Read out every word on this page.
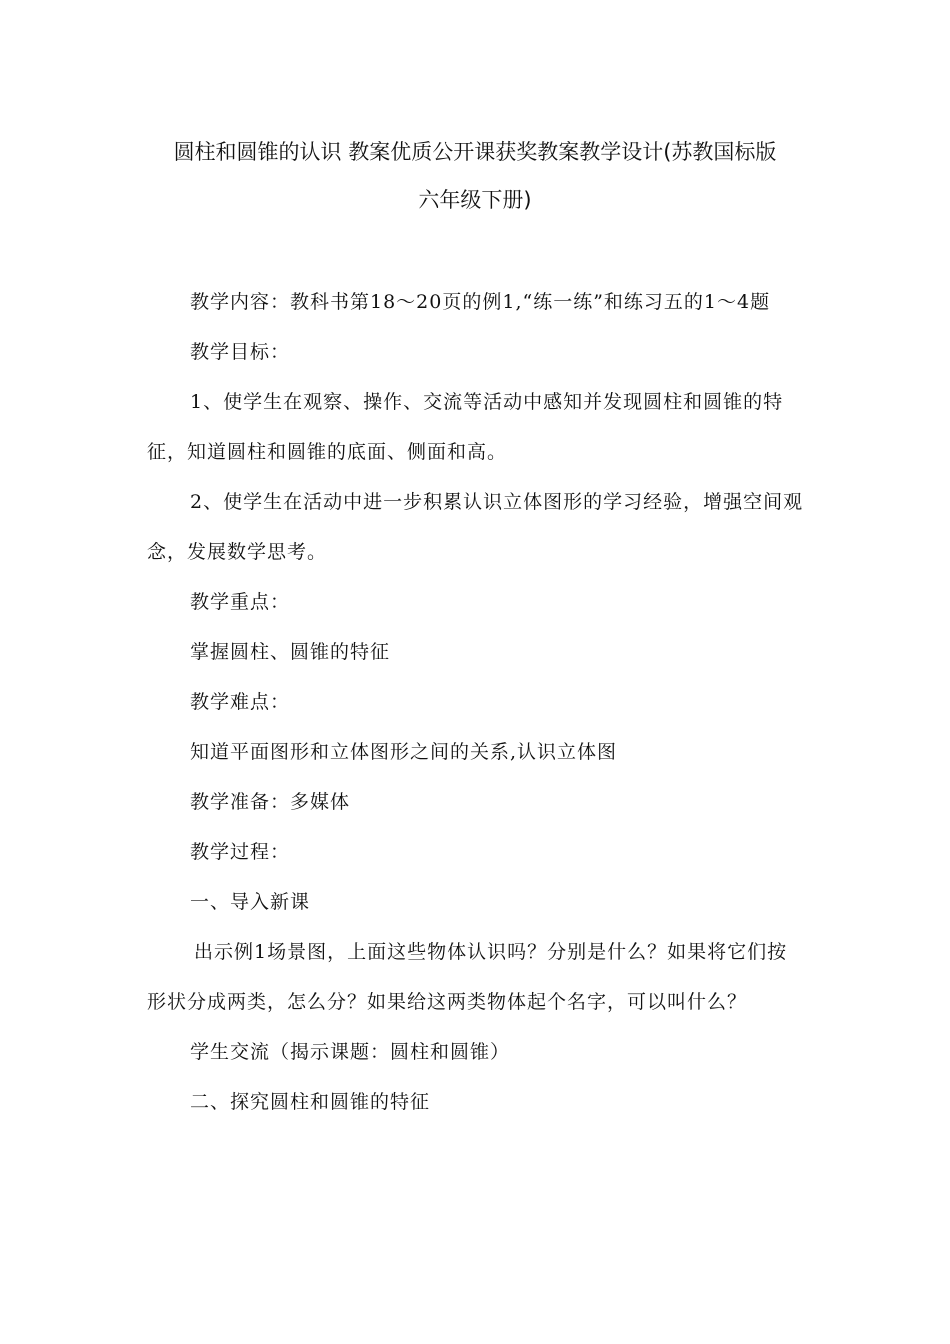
圆柱和圆锥的认识 教案优质公开课获奖教案教学设计(苏教国标版
六年级下册)

教学内容：教科书第18～20页的例1,“练一练”和练习五的1～4题

教学目标：

1、使学生在观察、操作、交流等活动中感知并发现圆柱和圆锥的特征，知道圆柱和圆锥的底面、侧面和高。

2、使学生在活动中进一步积累认识立体图形的学习经验，增强空间观念，发展数学思考。

教学重点：

掌握圆柱、圆锥的特征

教学难点：

知道平面图形和立体图形之间的关系,认识立体图

教学准备：多媒体

教学过程：

一、导入新课

出示例1场景图，上面这些物体认识吗？分别是什么？如果将它们按形状分成两类，怎么分？如果给这两类物体起个名字，可以叫什么？

学生交流（揭示课题：圆柱和圆锥）

二、探究圆柱和圆锥的特征
